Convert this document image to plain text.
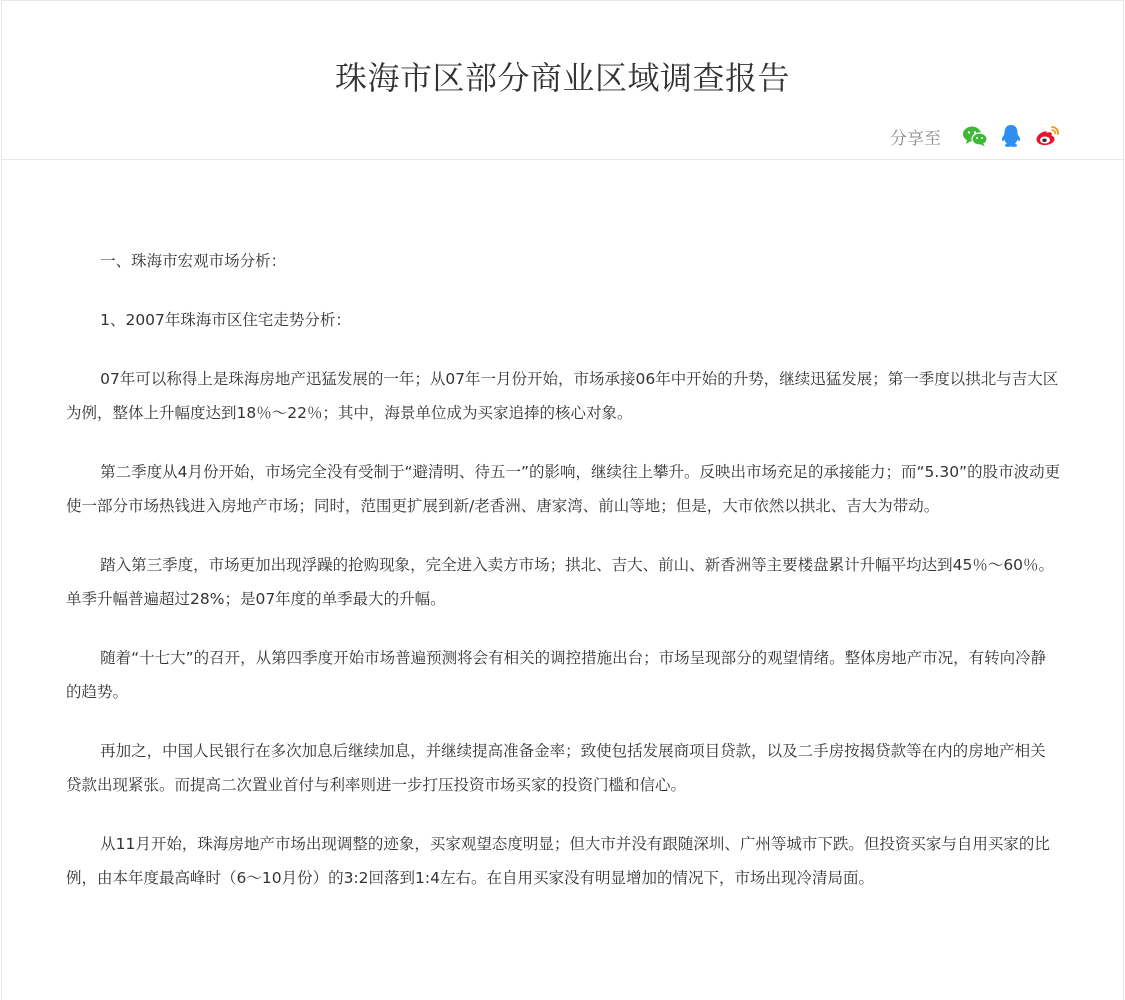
珠海市区部分商业区域调查报告
分享至

一、珠海市宏观市场分析：

1、2007年珠海市区住宅走势分析：

07年可以称得上是珠海房地产迅猛发展的一年；从07年一月份开始，市场承接06年中开始的升势，继续迅猛发展；第一季度以拱北与吉大区为例，整体上升幅度达到18％～22％；其中，海景单位成为买家追捧的核心对象。

第二季度从4月份开始，市场完全没有受制于“避清明、待五一”的影响，继续往上攀升。反映出市场充足的承接能力；而“5.30”的股市波动更使一部分市场热钱进入房地产市场；同时，范围更扩展到新/老香洲、唐家湾、前山等地；但是，大市依然以拱北、吉大为带动。

踏入第三季度，市场更加出现浮躁的抢购现象，完全进入卖方市场；拱北、吉大、前山、新香洲等主要楼盘累计升幅平均达到45％～60％。单季升幅普遍超过28%；是07年度的单季最大的升幅。

随着“十七大”的召开，从第四季度开始市场普遍预测将会有相关的调控措施出台；市场呈现部分的观望情绪。整体房地产市况，有转向冷静的趋势。

再加之，中国人民银行在多次加息后继续加息，并继续提高准备金率；致使包括发展商项目贷款，以及二手房按揭贷款等在内的房地产相关贷款出现紧张。而提高二次置业首付与利率则进一步打压投资市场买家的投资门槛和信心。

从11月开始，珠海房地产市场出现调整的迹象，买家观望态度明显；但大市并没有跟随深圳、广州等城市下跌。但投资买家与自用买家的比例，由本年度最高峰时（6～10月份）的3:2回落到1:4左右。在自用买家没有明显增加的情况下，市场出现冷清局面。
